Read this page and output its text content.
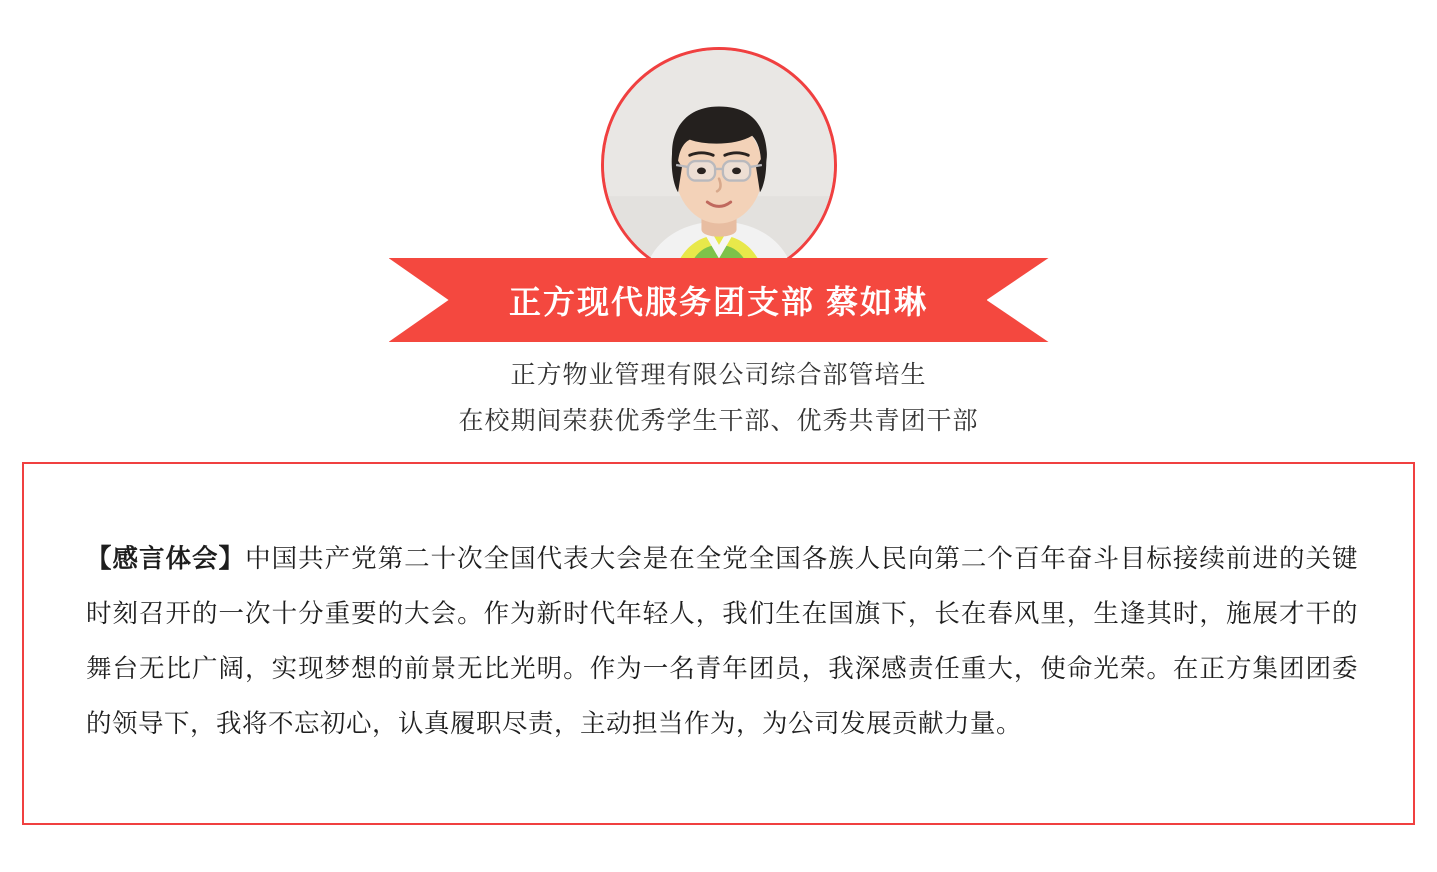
正方现代服务团支部 蔡如琳
正方物业管理有限公司综合部管培生
在校期间荣获优秀学生干部、优秀共青团干部

【感言体会】中国共产党第二十次全国代表大会是在全党全国各族人民向第二个百年奋斗目标接续前进的关键时刻召开的一次十分重要的大会。作为新时代年轻人，我们生在国旗下，长在春风里，生逢其时，施展才干的舞台无比广阔，实现梦想的前景无比光明。作为一名青年团员，我深感责任重大，使命光荣。在正方集团团委的领导下，我将不忘初心，认真履职尽责，主动担当作为，为公司发展贡献力量。
